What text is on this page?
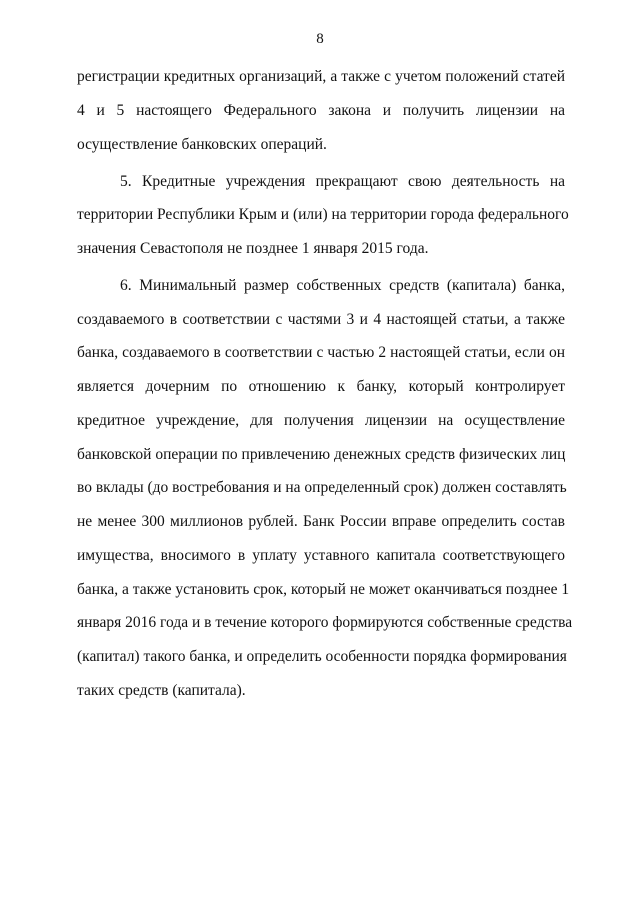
8
регистрации кредитных организаций, а также с учетом положений статей
4 и 5 настоящего Федерального закона и получить лицензии на
осуществление банковских операций.
5. Кредитные учреждения прекращают свою деятельность на
территории Республики Крым и (или) на территории города федерального
значения Севастополя не позднее 1 января 2015 года.
6. Минимальный размер собственных средств (капитала) банка,
создаваемого в соответствии с частями 3 и 4 настоящей статьи, а также
банка, создаваемого в соответствии с частью 2 настоящей статьи, если он
является дочерним по отношению к банку, который контролирует
кредитное учреждение, для получения лицензии на осуществление
банковской операции по привлечению денежных средств физических лиц
во вклады (до востребования и на определенный срок) должен составлять
не менее 300 миллионов рублей. Банк России вправе определить состав
имущества, вносимого в уплату уставного капитала соответствующего
банка, а также установить срок, который не может оканчиваться позднее 1
января 2016 года и в течение которого формируются собственные средства
(капитал) такого банка, и определить особенности порядка формирования
таких средств (капитала).
